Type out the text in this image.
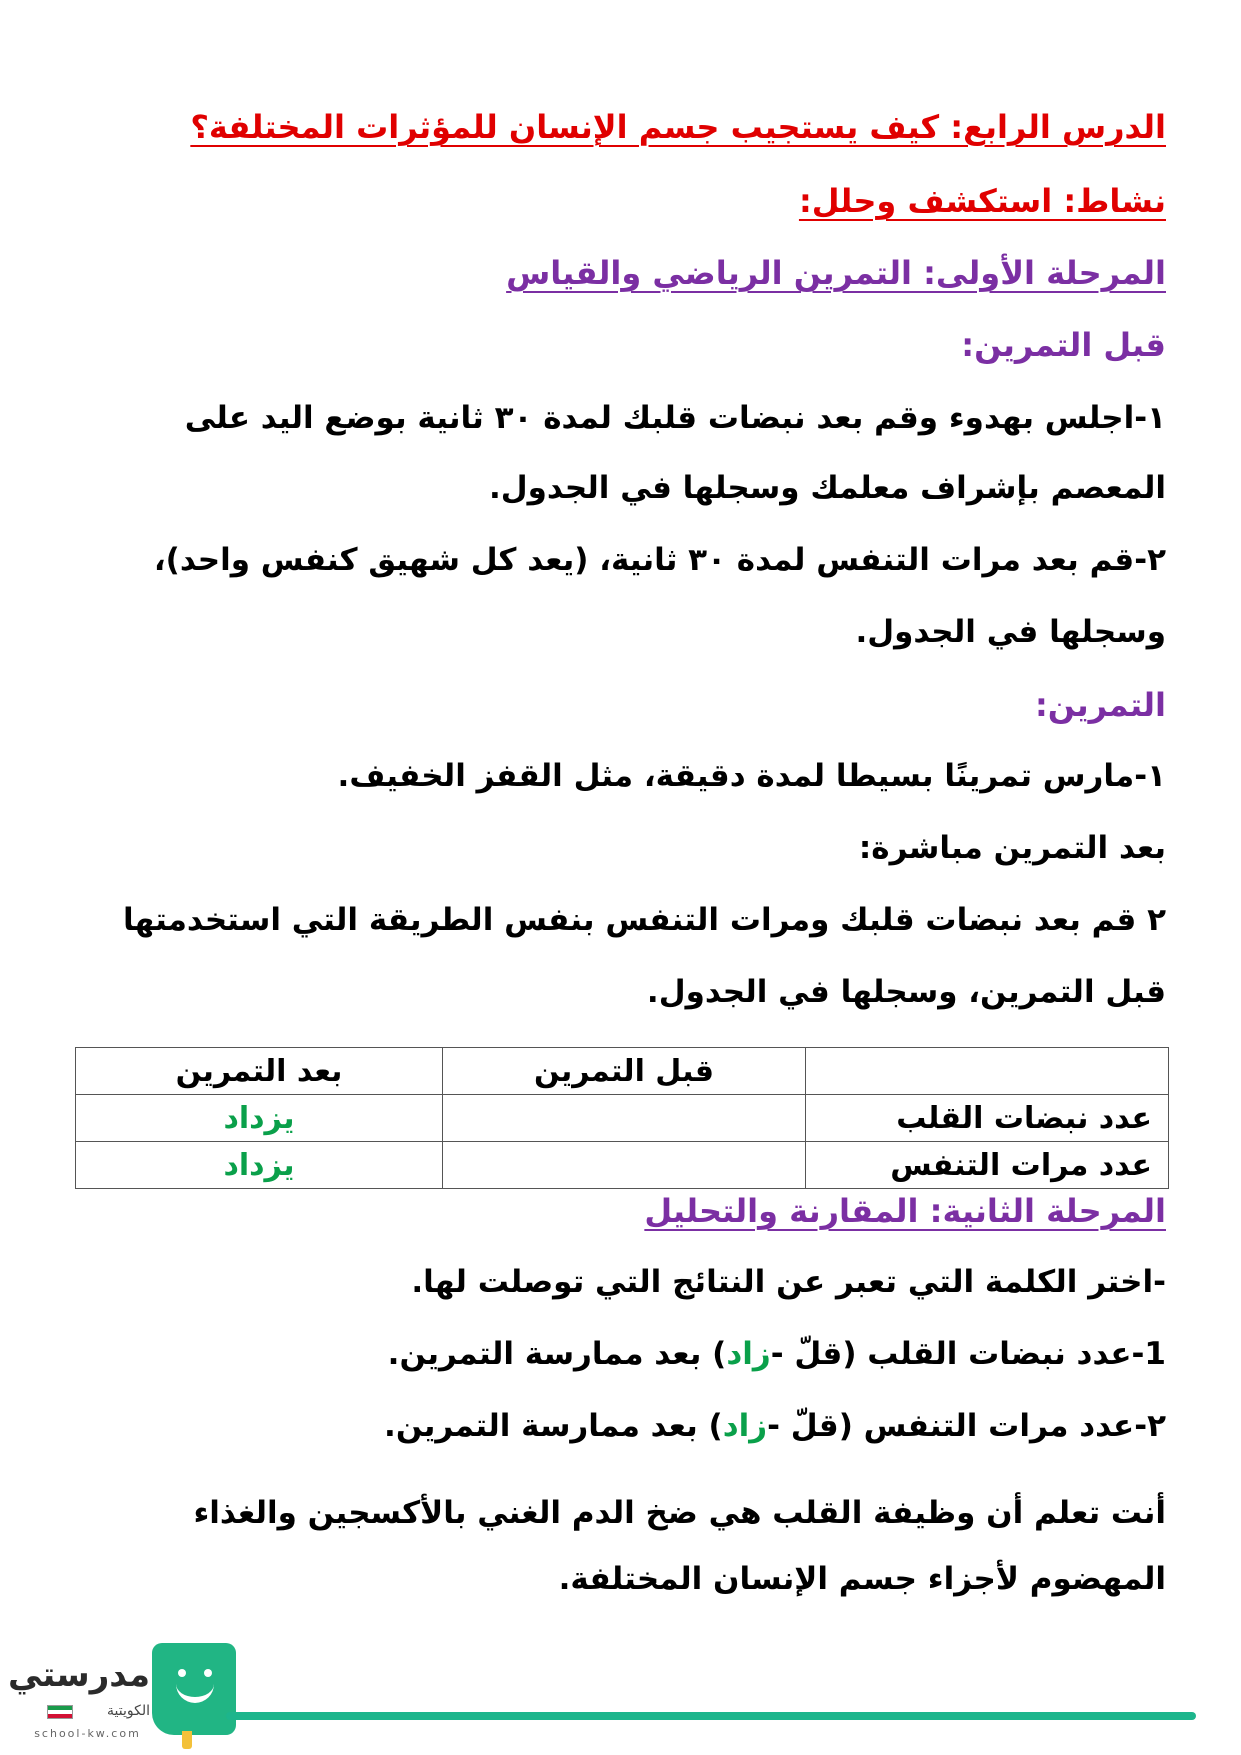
الدرس الرابع: كيف يستجيب جسم الإنسان للمؤثرات المختلفة؟
نشاط: استكشف وحلل:
المرحلة الأولى: التمرين الرياضي والقياس
قبل التمرين:
١-اجلس بهدوء وقم بعد نبضات قلبك لمدة ٣٠ ثانية بوضع اليد على
المعصم بإشراف معلمك وسجلها في الجدول.
٢-قم بعد مرات التنفس لمدة ٣٠ ثانية، (يعد كل شهيق كنفس واحد)،
وسجلها في الجدول.
التمرين:
١-مارس تمرينًا بسيطا لمدة دقيقة، مثل القفز الخفيف.
بعد التمرين مباشرة:
٢ قم بعد نبضات قلبك ومرات التنفس بنفس الطريقة التي استخدمتها
قبل التمرين، وسجلها في الجدول.
	قبل التمرين	بعد التمرين
عدد نبضات القلب		يزداد
عدد مرات التنفس		يزداد
المرحلة الثانية: المقارنة والتحليل
-اختر الكلمة التي تعبر عن النتائج التي توصلت لها.
1-عدد نبضات القلب (قلّ -زاد) بعد ممارسة التمرين.
٢-عدد مرات التنفس (قلّ -زاد) بعد ممارسة التمرين.
أنت تعلم أن وظيفة القلب هي ضخ الدم الغني بالأكسجين والغذاء المهضوم لأجزاء جسم الإنسان المختلفة.
مدرستي
الكويتية
school-kw.com
